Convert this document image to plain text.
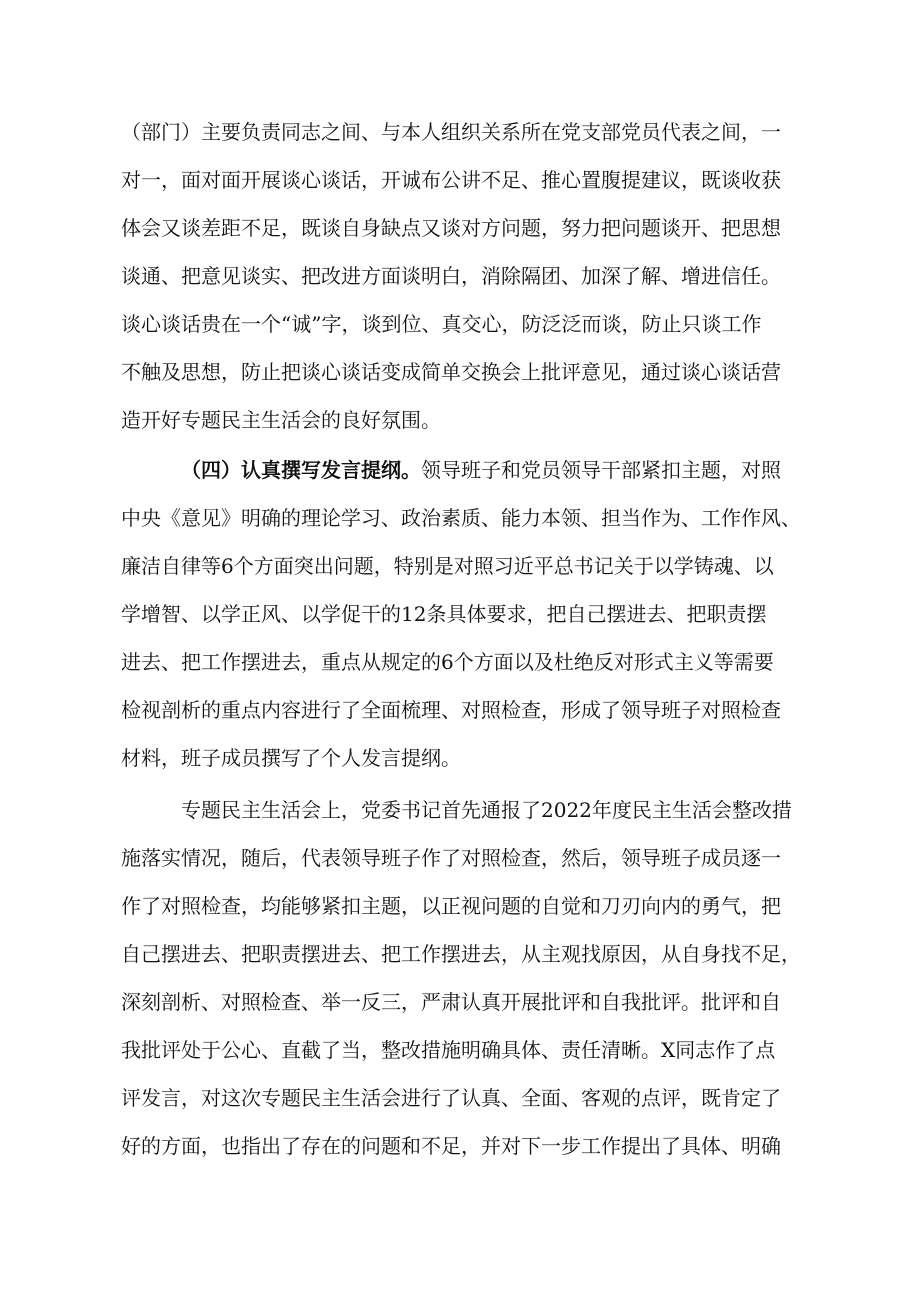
（部门）主要负责同志之间、与本人组织关系所在党支部党员代表之间，一
对一，面对面开展谈心谈话，开诚布公讲不足、推心置腹提建议，既谈收获
体会又谈差距不足，既谈自身缺点又谈对方问题，努力把问题谈开、把思想
谈通、把意见谈实、把改进方面谈明白，消除隔团、加深了解、增进信任。
谈心谈话贵在一个“诚”字，谈到位、真交心，防泛泛而谈，防止只谈工作
不触及思想，防止把谈心谈话变成简单交换会上批评意见，通过谈心谈话营
造开好专题民主生活会的良好氛围。
（四）认真撰写发言提纲。领导班子和党员领导干部紧扣主题，对照
中央《意见》明确的理论学习、政治素质、能力本领、担当作为、工作作风、
廉洁自律等6个方面突出问题，特别是对照习近平总书记关于以学铸魂、以
学增智、以学正风、以学促干的12条具体要求，把自己摆进去、把职责摆
进去、把工作摆进去，重点从规定的6个方面以及杜绝反对形式主义等需要
检视剖析的重点内容进行了全面梳理、对照检查，形成了领导班子对照检查
材料，班子成员撰写了个人发言提纲。
专题民主生活会上，党委书记首先通报了2022年度民主生活会整改措
施落实情况，随后，代表领导班子作了对照检查，然后，领导班子成员逐一
作了对照检查，均能够紧扣主题，以正视问题的自觉和刀刃向内的勇气，把
自己摆进去、把职责摆进去、把工作摆进去，从主观找原因，从自身找不足，
深刻剖析、对照检查、举一反三，严肃认真开展批评和自我批评。批评和自
我批评处于公心、直截了当，整改措施明确具体、责任清晰。X同志作了点
评发言，对这次专题民主生活会进行了认真、全面、客观的点评，既肯定了
好的方面，也指出了存在的问题和不足，并对下一步工作提出了具体、明确
